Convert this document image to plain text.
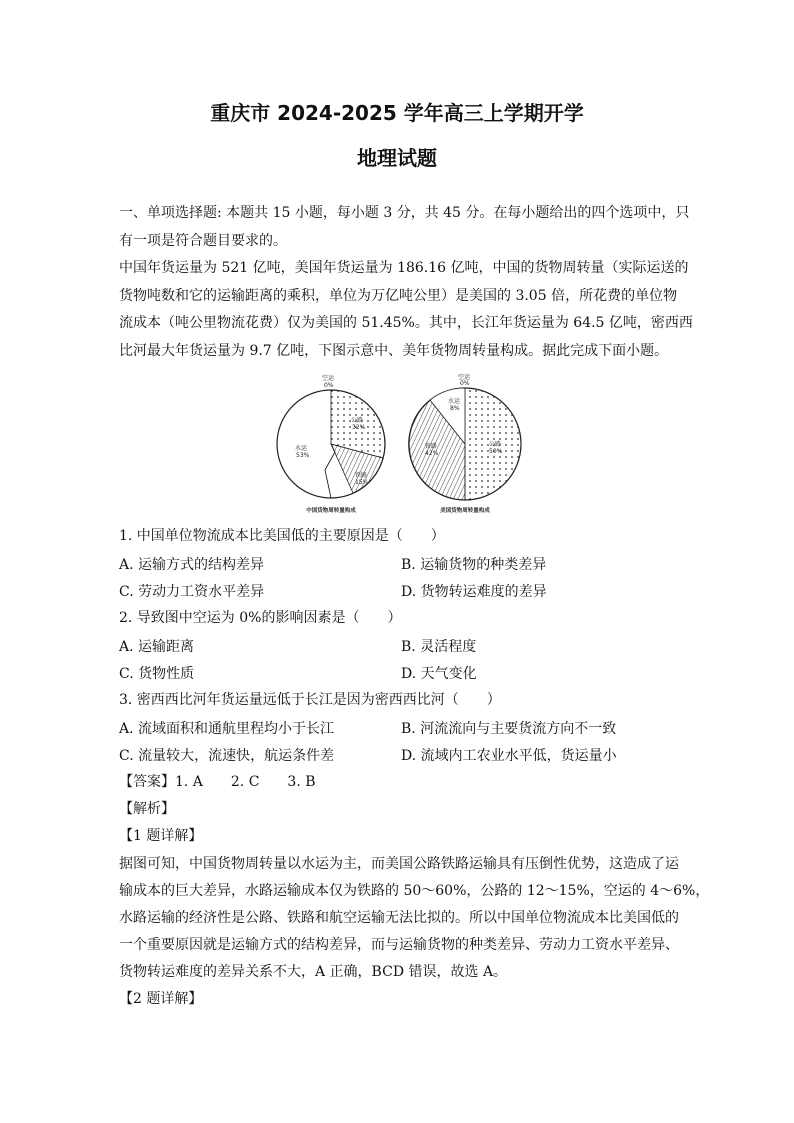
重庆市 2024-2025 学年高三上学期开学
地理试题
一、单项选择题: 本题共 15 小题，每小题 3 分，共 45 分。在每小题给出的四个选项中，只
有一项是符合题目要求的。
中国年货运量为 521 亿吨，美国年货运量为 186.16 亿吨，中国的货物周转量（实际运送的
货物吨数和它的运输距离的乘积，单位为万亿吨公里）是美国的 3.05 倍，所花费的单位物
流成本（吨公里物流花费）仅为美国的 51.45%。其中，长江年货运量为 64.5 亿吨，密西西
比河最大年货运量为 9.7 亿吨，下图示意中、美年货物周转量构成。据此完成下面小题。
空运
0%
公路
32%
水运
53%
铁路
15%
中国货物周转量构成
空运
0%
水运
8%
铁路
42%
公路
50%
美国货物周转量构成
1. 中国单位物流成本比美国低的主要原因是（　　）
A. 运输方式的结构差异	B. 运输货物的种类差异
C. 劳动力工资水平差异	D. 货物转运难度的差异
2. 导致图中空运为 0%的影响因素是（　　）
A. 运输距离	B. 灵活程度
C. 货物性质	D. 天气变化
3. 密西西比河年货运量远低于长江是因为密西西比河（　　）
A. 流域面积和通航里程均小于长江	B. 河流流向与主要货流方向不一致
C. 流量较大，流速快，航运条件差	D. 流域内工农业水平低，货运量小
【答案】1. A　　2. C　　3. B
【解析】
【1 题详解】
据图可知，中国货物周转量以水运为主，而美国公路铁路运输具有压倒性优势，这造成了运
输成本的巨大差异，水路运输成本仅为铁路的 50～60%，公路的 12～15%，空运的 4～6%，
水路运输的经济性是公路、铁路和航空运输无法比拟的。所以中国单位物流成本比美国低的
一个重要原因就是运输方式的结构差异，而与运输货物的种类差异、劳动力工资水平差异、
货物转运难度的差异关系不大，A 正确，BCD 错误，故选 A。
【2 题详解】
